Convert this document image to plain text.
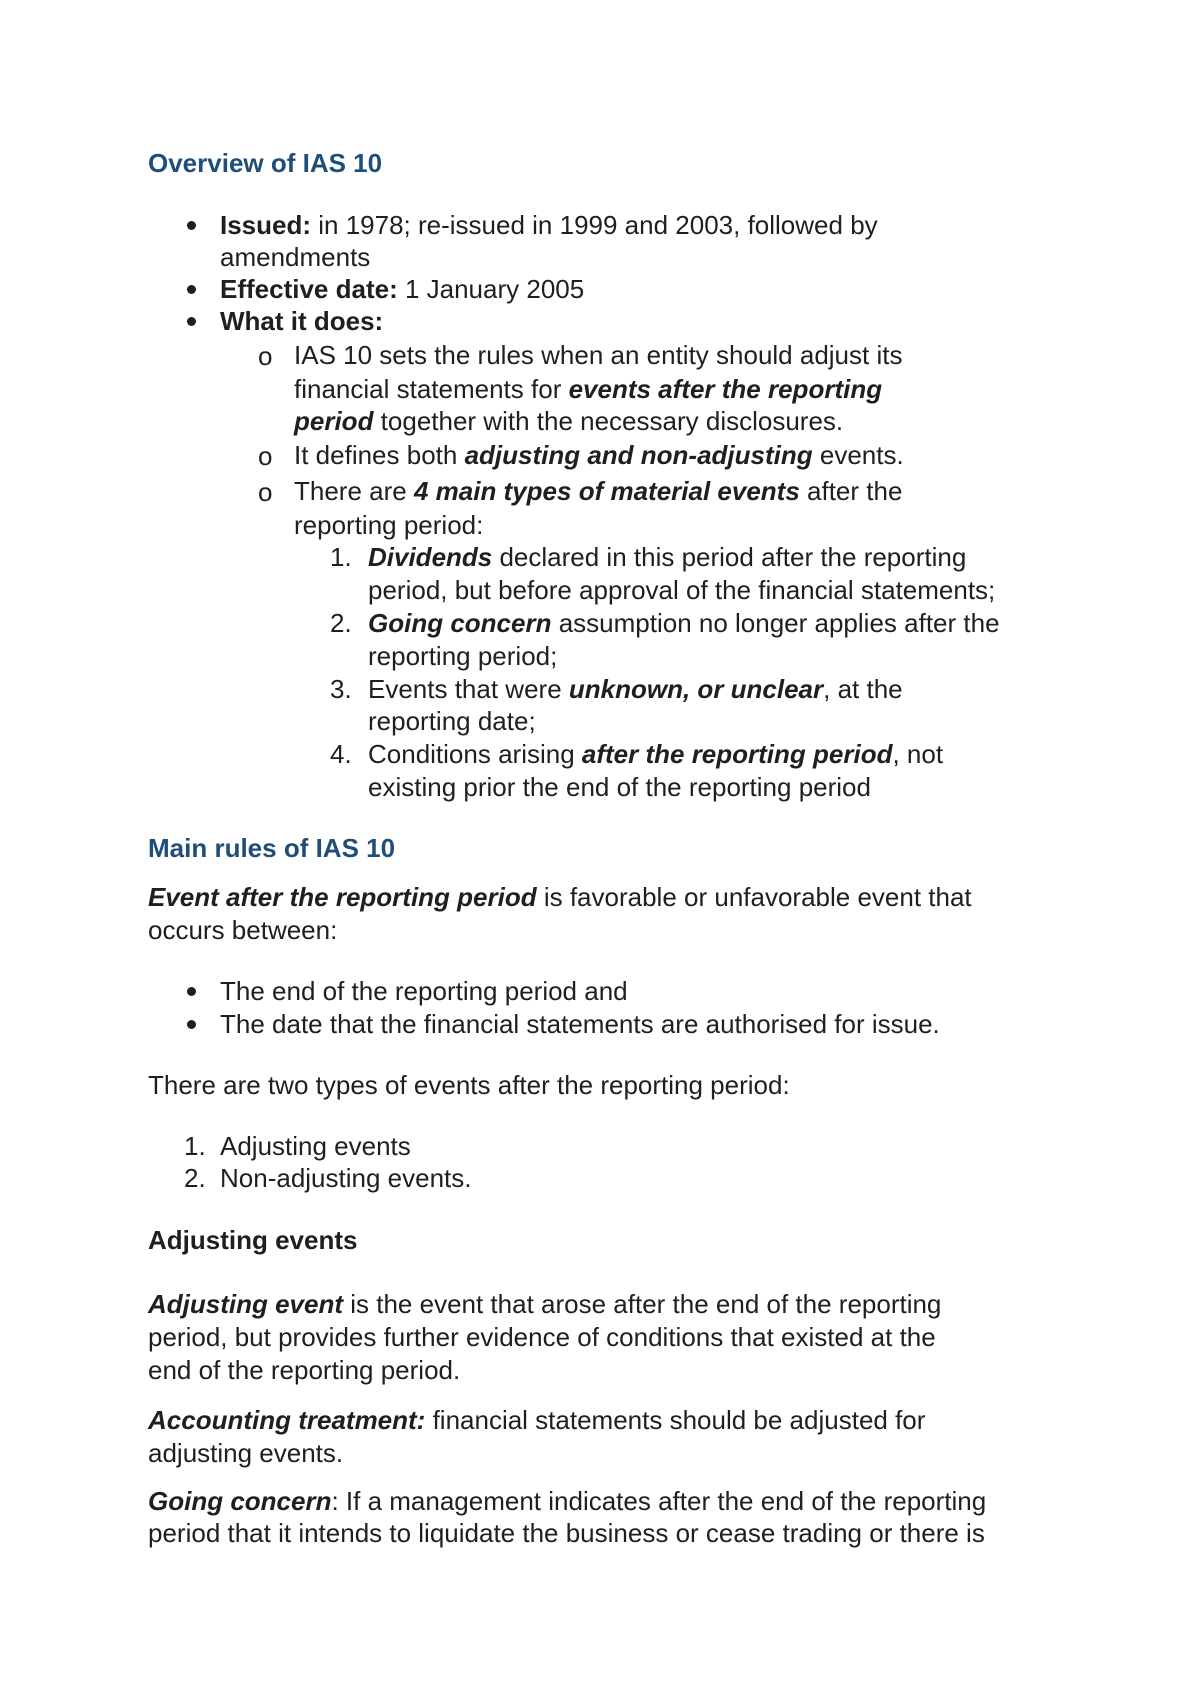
Overview of IAS 10
Issued: in 1978; re-issued in 1999 and 2003, followed by
amendments
Effective date: 1 January 2005
What it does:
o IAS 10 sets the rules when an entity should adjust its
financial statements for events after the reporting
period together with the necessary disclosures.
o It defines both adjusting and non-adjusting events.
o There are 4 main types of material events after the
reporting period:
1. Dividends declared in this period after the reporting
period, but before approval of the financial statements;
2. Going concern assumption no longer applies after the
reporting period;
3. Events that were unknown, or unclear, at the
reporting date;
4. Conditions arising after the reporting period, not
existing prior the end of the reporting period
Main rules of IAS 10
Event after the reporting period is favorable or unfavorable event that
occurs between:
The end of the reporting period and
The date that the financial statements are authorised for issue.
There are two types of events after the reporting period:
1. Adjusting events
2. Non-adjusting events.
Adjusting events
Adjusting event is the event that arose after the end of the reporting
period, but provides further evidence of conditions that existed at the
end of the reporting period.
Accounting treatment: financial statements should be adjusted for
adjusting events.
Going concern: If a management indicates after the end of the reporting
period that it intends to liquidate the business or cease trading or there is
